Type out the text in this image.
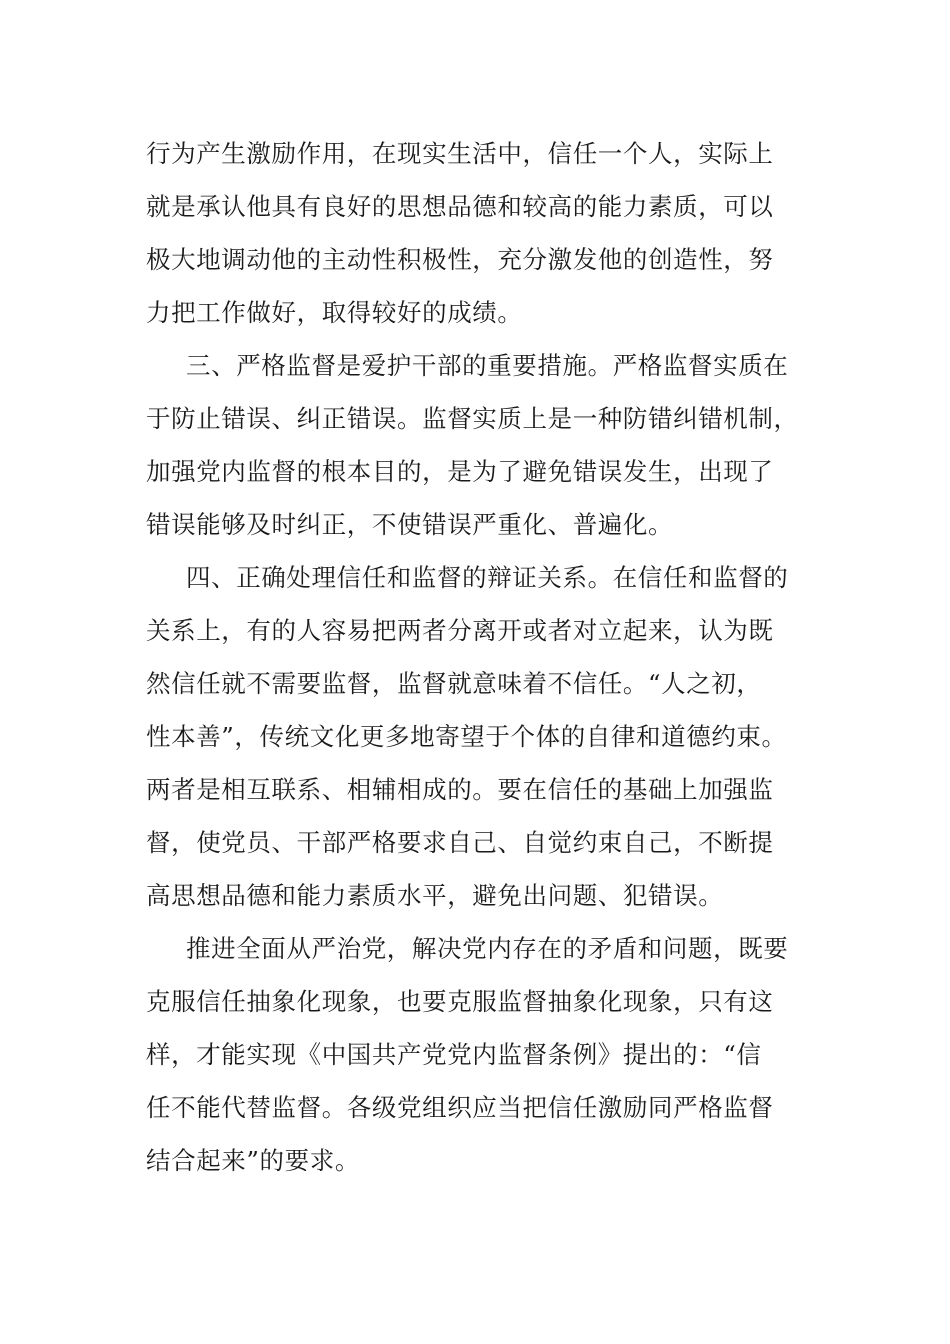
行为产生激励作用，在现实生活中，信任一个人，实际上
就是承认他具有良好的思想品德和较高的能力素质，可以
极大地调动他的主动性积极性，充分激发他的创造性，努
力把工作做好，取得较好的成绩。
三、严格监督是爱护干部的重要措施。严格监督实质在
于防止错误、纠正错误。监督实质上是一种防错纠错机制，
加强党内监督的根本目的，是为了避免错误发生，出现了
错误能够及时纠正，不使错误严重化、普遍化。
四、正确处理信任和监督的辩证关系。在信任和监督的
关系上，有的人容易把两者分离开或者对立起来，认为既
然信任就不需要监督，监督就意味着不信任。“人之初，
性本善”，传统文化更多地寄望于个体的自律和道德约束。
两者是相互联系、相辅相成的。要在信任的基础上加强监
督，使党员、干部严格要求自己、自觉约束自己，不断提
高思想品德和能力素质水平，避免出问题、犯错误。
推进全面从严治党，解决党内存在的矛盾和问题，既要
克服信任抽象化现象，也要克服监督抽象化现象，只有这
样，才能实现《中国共产党党内监督条例》提出的：“信
任不能代替监督。各级党组织应当把信任激励同严格监督
结合起来”的要求。
